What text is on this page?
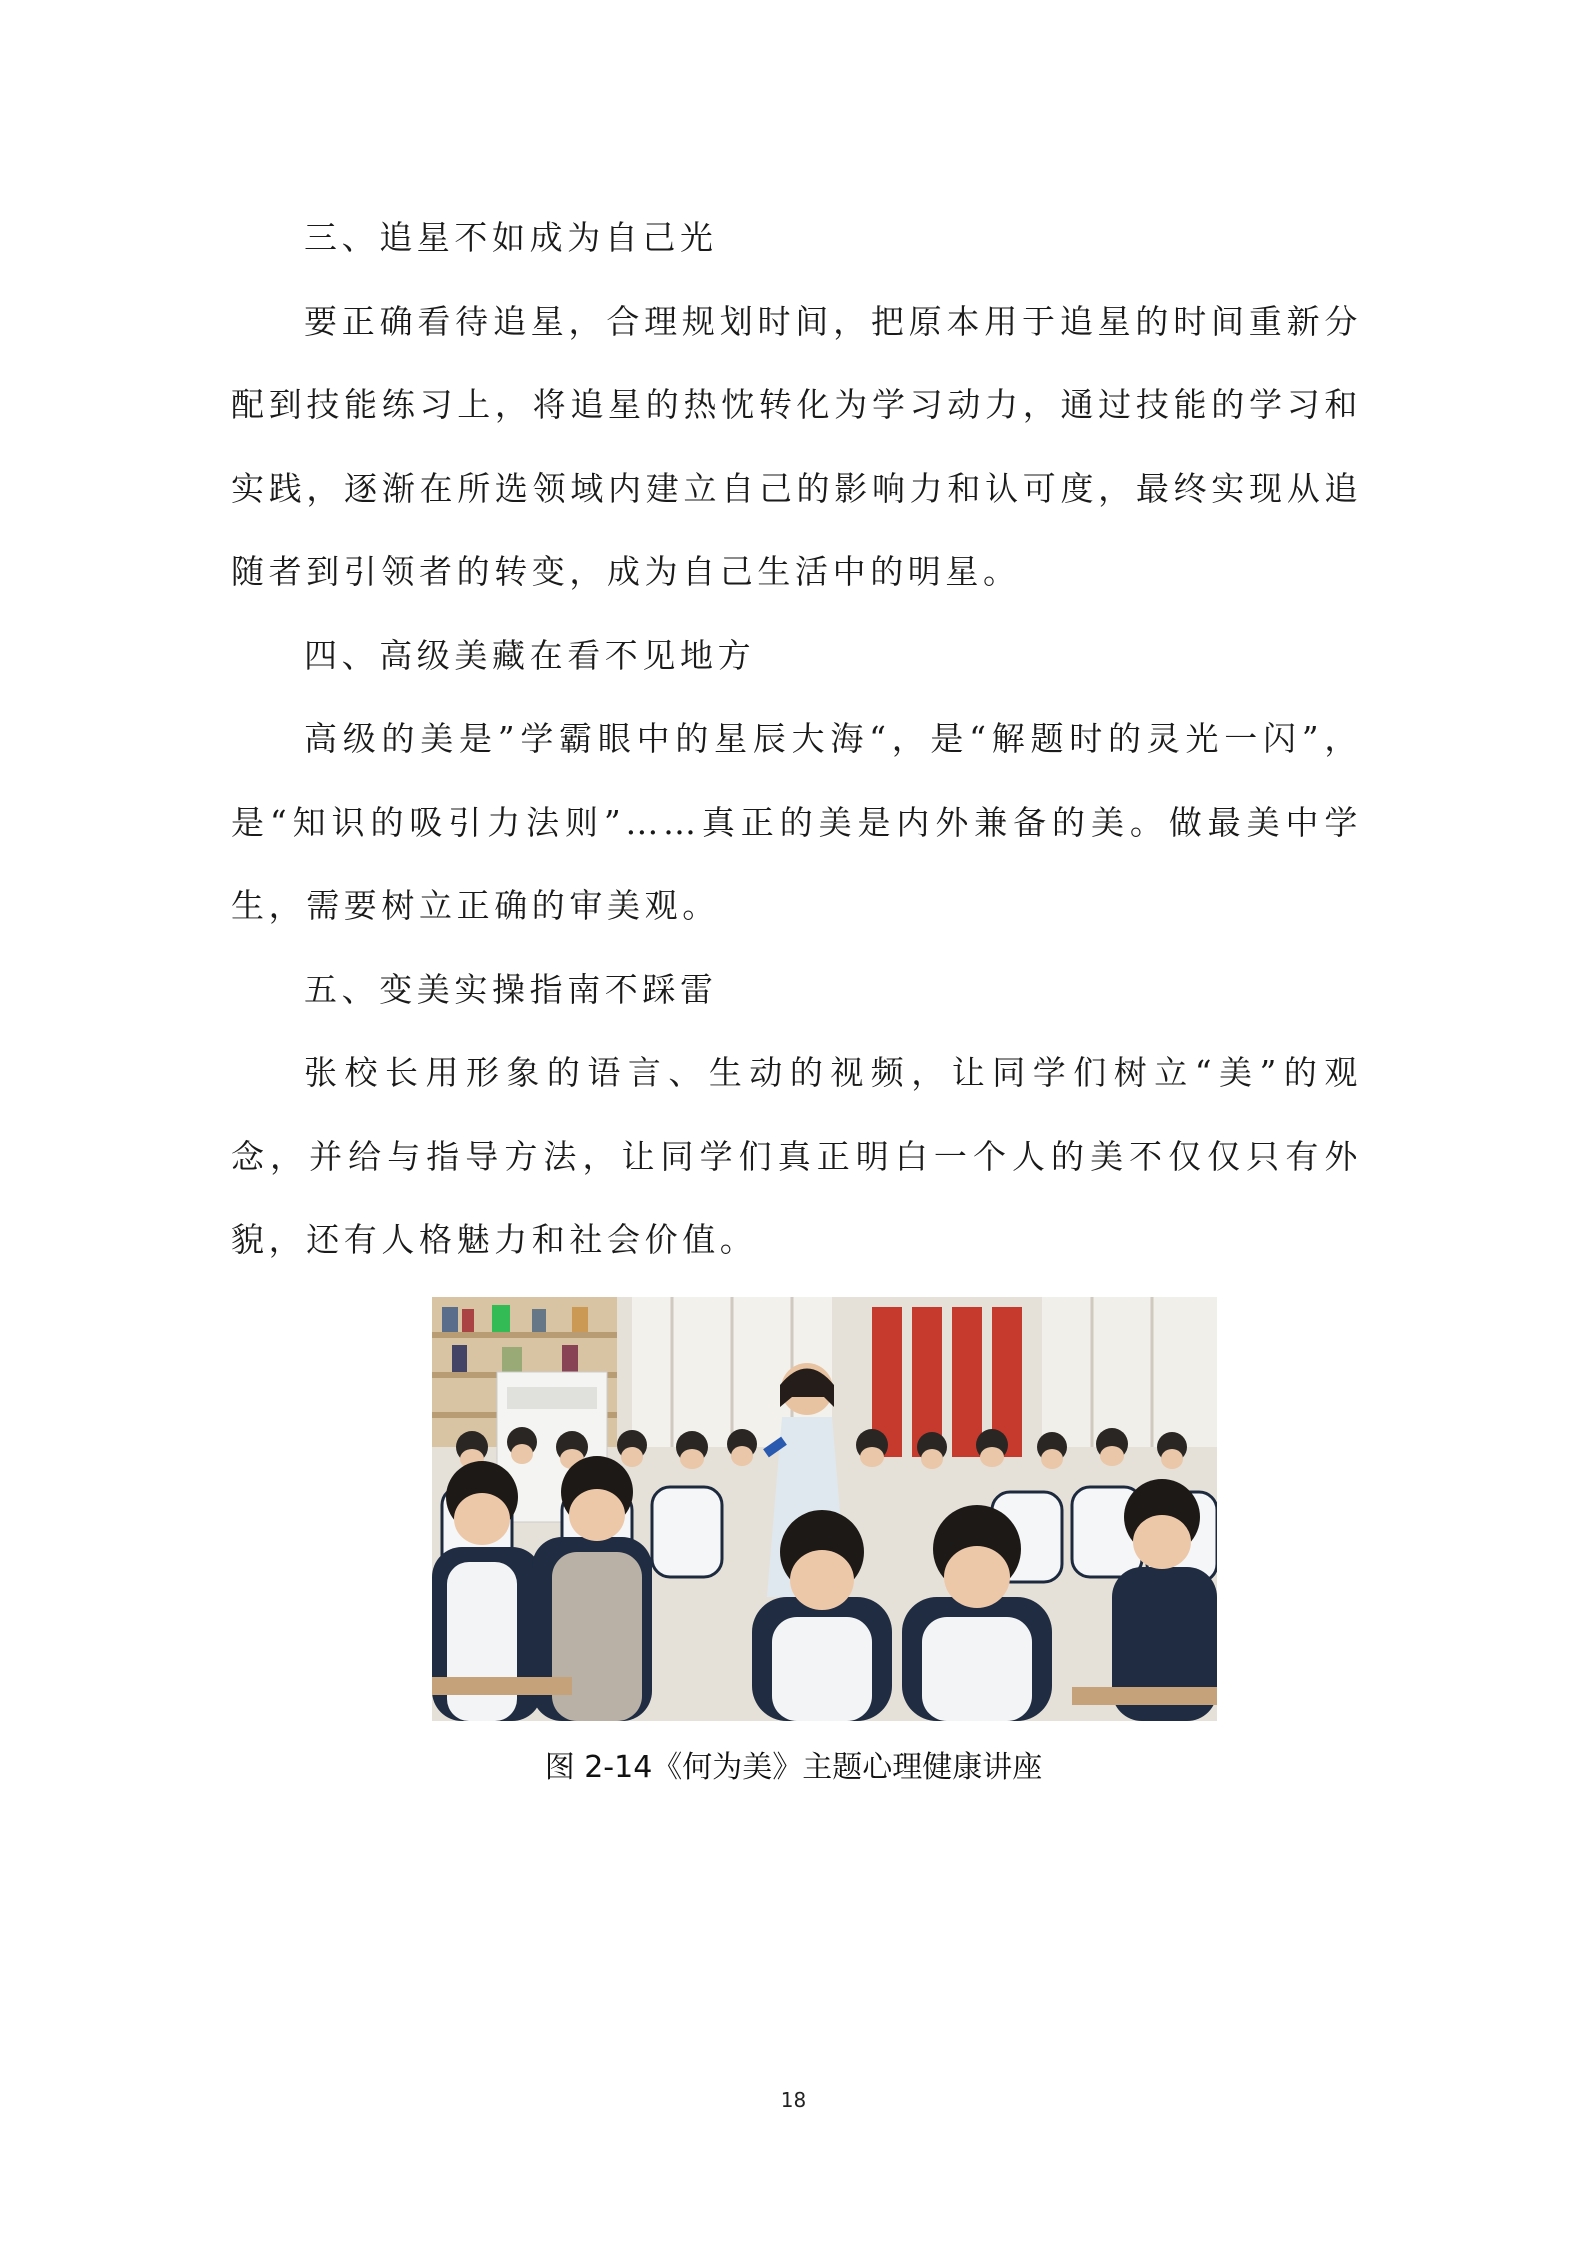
三、追星不如成为自己光

要正确看待追星，合理规划时间，把原本用于追星的时间重新分配到技能练习上，将追星的热忱转化为学习动力，通过技能的学习和实践，逐渐在所选领域内建立自己的影响力和认可度，最终实现从追随者到引领者的转变，成为自己生活中的明星。

四、高级美藏在看不见地方

高级的美是”学霸眼中的星辰大海“，是“解题时的灵光一闪”，是“知识的吸引力法则”……真正的美是内外兼备的美。做最美中学生，需要树立正确的审美观。

五、变美实操指南不踩雷

张校长用形象的语言、生动的视频，让同学们树立“美”的观念，并给与指导方法，让同学们真正明白一个人的美不仅仅只有外貌，还有人格魅力和社会价值。

图 2-14《何为美》主题心理健康讲座
18
